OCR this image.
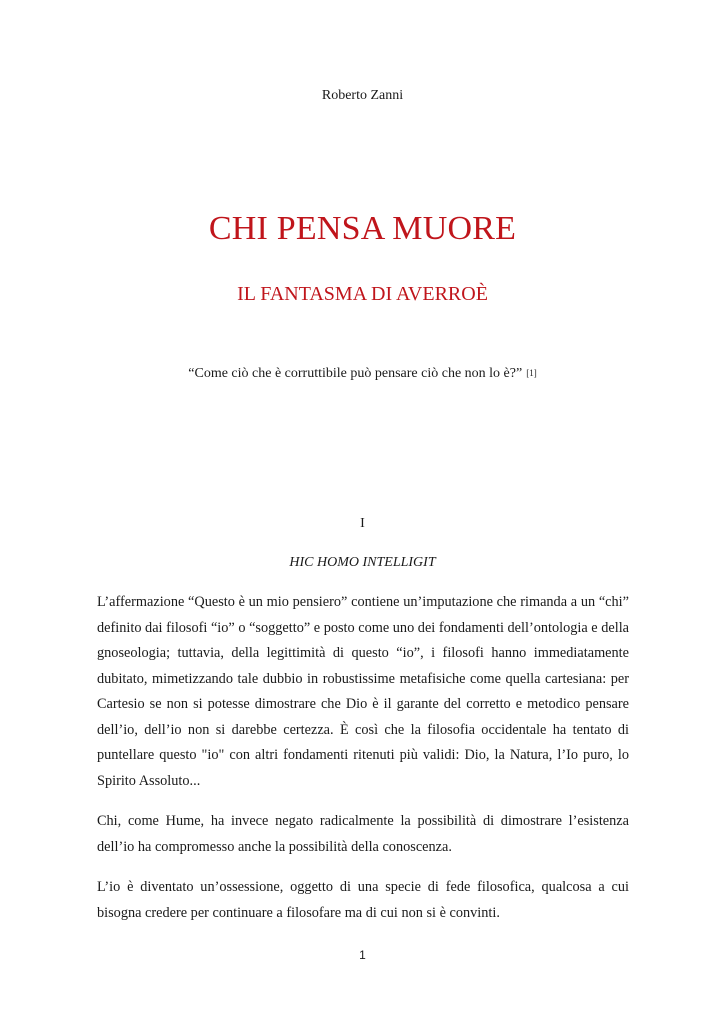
Roberto Zanni
CHI PENSA MUORE
IL FANTASMA DI AVERROÈ
“Come ciò che è corruttibile può pensare ciò che non lo è?” [1]
I
HIC HOMO INTELLIGIT

L’affermazione “Questo è un mio pensiero” contiene un’imputazione che rimanda a un “chi” definito dai filosofi “io” o “soggetto” e posto come uno dei fondamenti dell’ontologia e della gnoseologia; tuttavia, della legittimità di questo “io”, i filosofi hanno immediatamente dubitato, mimetizzando tale dubbio in robustissime metafisiche come quella cartesiana: per Cartesio se non si potesse dimostrare che Dio è il garante del corretto e metodico pensare dell’io, dell’io non si darebbe certezza. È così che la filosofia occidentale ha tentato di puntellare questo "io" con altri fondamenti ritenuti più validi: Dio, la Natura, l’Io puro, lo Spirito Assoluto...

Chi, come Hume, ha invece negato radicalmente la possibilità di dimostrare l’esistenza dell’io ha compromesso anche la possibilità della conoscenza.

L’io è diventato un’ossessione, oggetto di una specie di fede filosofica, qualcosa a cui bisogna credere per continuare a filosofare ma di cui non si è convinti.

1
